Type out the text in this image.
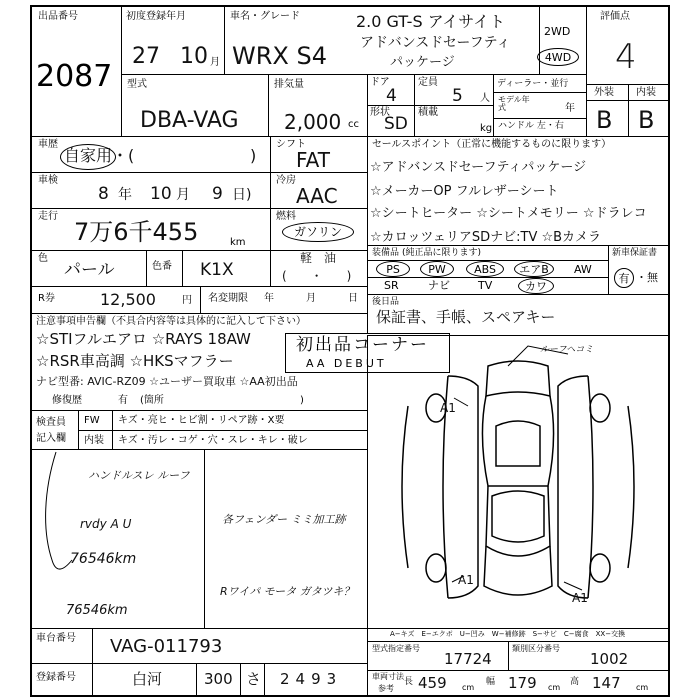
出品番号
2087
初度登録年月
27 10 月
車名・グレード
WRX S4
2.0 GT-S アイサイト
アドバンスドセーフティ
パッケージ
2WD
4WD
評価点
4
外装 内装
B B
型式
DBA-VAG
排気量
2,000 cc
ドア
4
定員
5 人
形状
SD
積載
kg
ディーラー・並行
モデル年式	年
ハンドル 左・右
車歴
自家用・(	)
シフト
FAT
車検
8 年 10 月 9 日)
冷房
AAC
走行
7万6千455	km
燃料
ガソリン
色
パール	色番 K1X
軽　油
(　　・　　)
R券	12,500	円 名変期限 年	月	日
セールスポイント（正常に機能するものに限ります）
☆アドバンスドセーフティパッケージ
☆メーカーOP フルレザーシート
☆シートヒーター ☆シートメモリー ☆ドラレコ
☆カロッツェリアSDナビ:TV ☆Bカメラ
装備品 (純正品に限ります)	新車保証書
PS	PW	ABS	エアB	AW
SR	ナビ	TV	カワ
有 ・無
後日品
保証書、手帳、スペアキー
注意事項申告欄（不具合内容等は具体的に記入して下さい）
☆STIフルエアロ ☆RAYS 18AW
☆RSR車高調 ☆HKSマフラー
ナビ型番: AVIC-RZ09 ☆ユーザー買取車 ☆AA初出品
修復歴	有 (箇所	)
初出品コーナー
AA DEBUT
検査員
記入欄
FW キズ・亮ヒ・ヒビ割・リペア跡・X要
内装 キズ・汚レ・コゲ・穴・スレ・キレ・破レ
ハンドルスレ ルーフ
rvdy A U	各フェンダー ミミ加工跡
76546km
Rワイパ モータ ガタツキ？
76546km
ルーフヘコミ
A1
A1
A1
車台番号 VAG-011793
登録番号	白河	300 さ 2493
A−キズ　E−エクボ　U−凹み　W−補修跡　S−サビ　C−腐食　XX−交換
型式指定番号
17724
類別区分番号
1002
車両寸法
参考
長 459 cm
幅 179 cm
高 147 cm
